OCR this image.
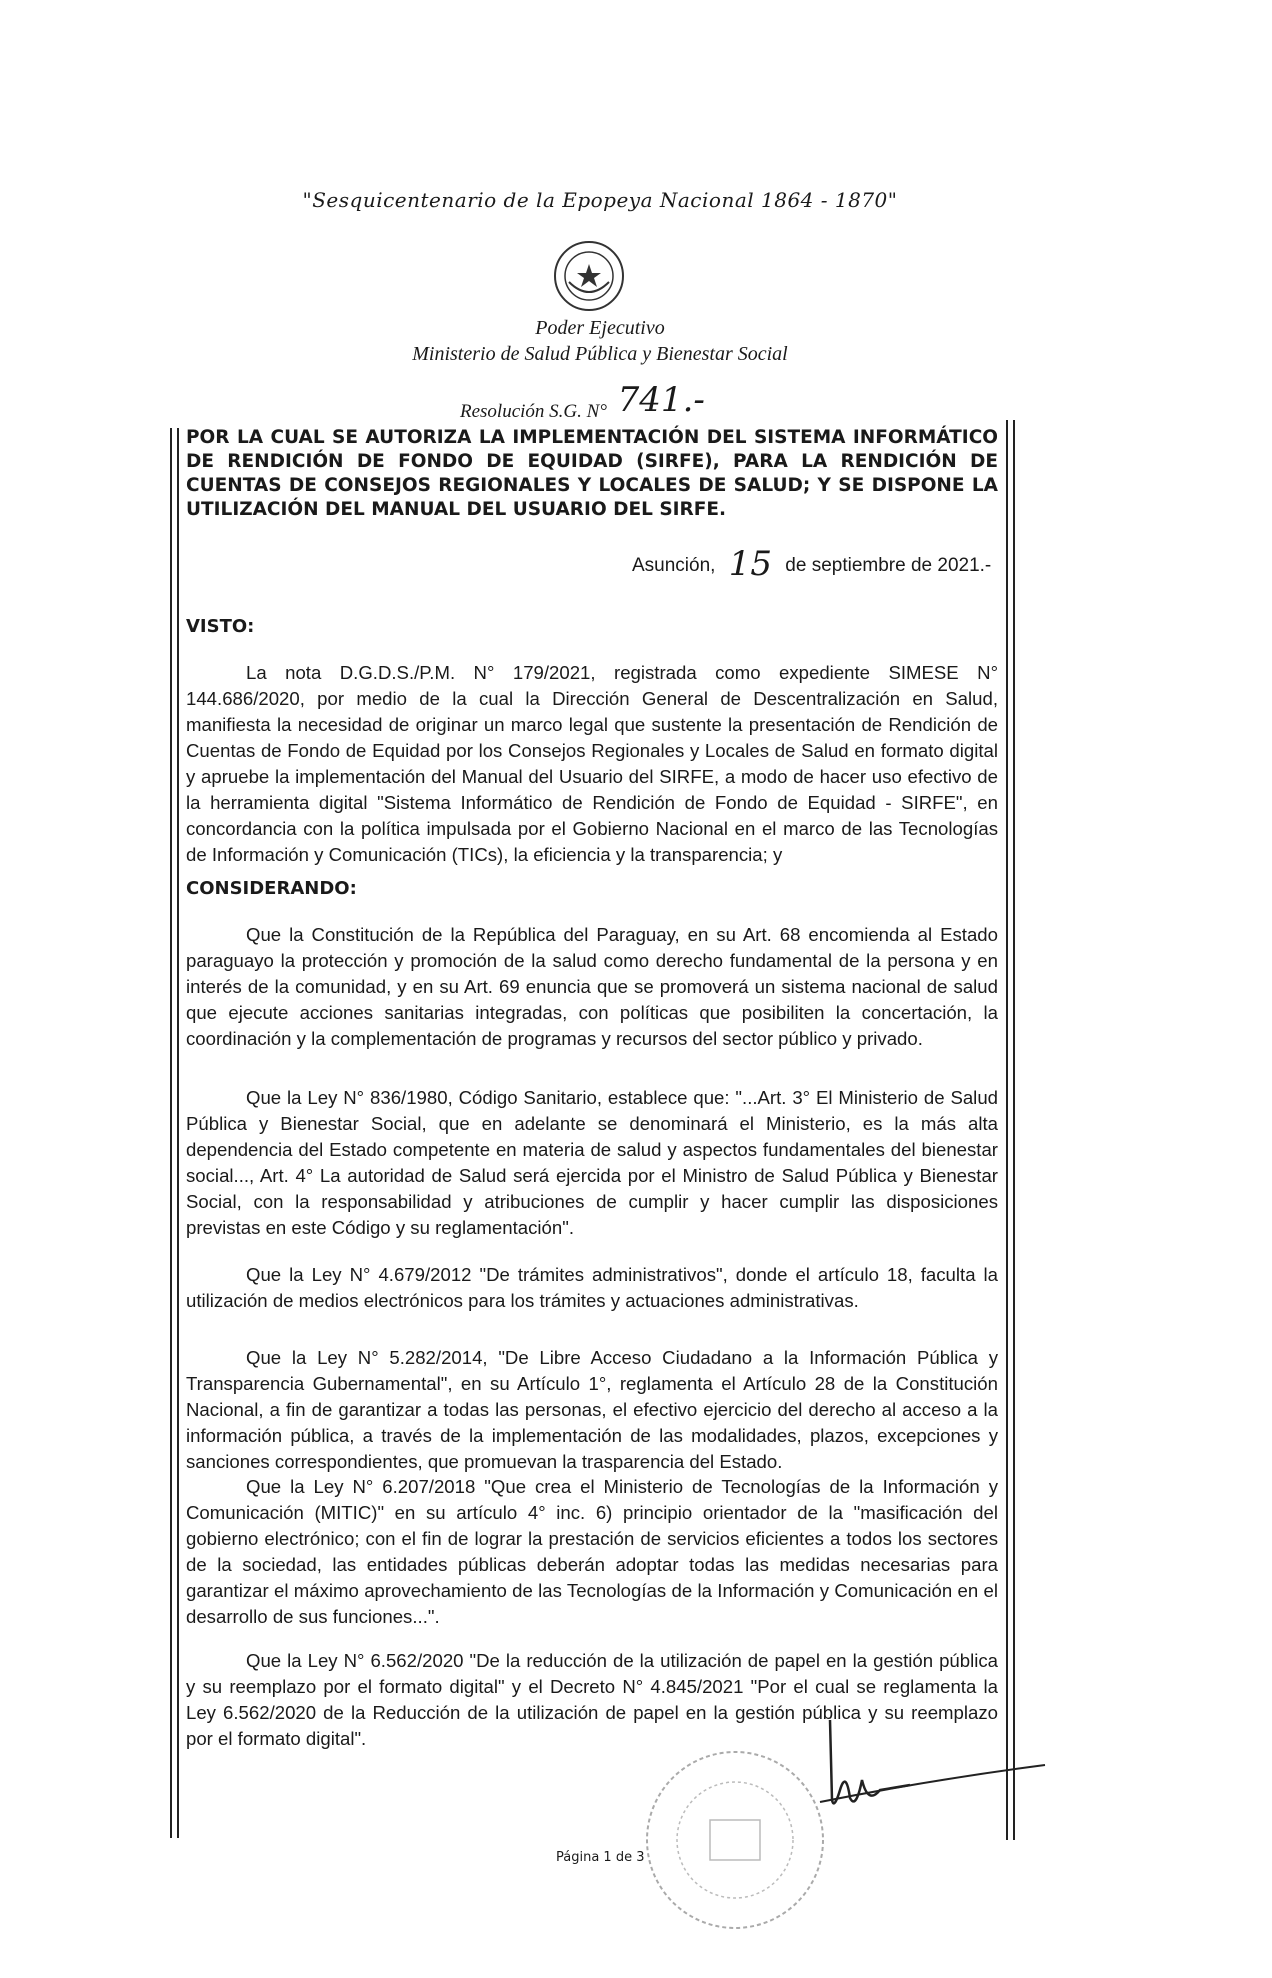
"Sesquicentenario de la Epopeya Nacional 1864 - 1870"
Poder Ejecutivo
Ministerio de Salud Pública y Bienestar Social
Resolución S.G. N° 741.-
POR LA CUAL SE AUTORIZA LA IMPLEMENTACIÓN DEL SISTEMA INFORMÁTICO DE RENDICIÓN DE FONDO DE EQUIDAD (SIRFE), PARA LA RENDICIÓN DE CUENTAS DE CONSEJOS REGIONALES Y LOCALES DE SALUD; Y SE DISPONE LA UTILIZACIÓN DEL MANUAL DEL USUARIO DEL SIRFE.
Asunción, 15 de septiembre de 2021.-
VISTO:
La nota D.G.D.S./P.M. N° 179/2021, registrada como expediente SIMESE N° 144.686/2020, por medio de la cual la Dirección General de Descentralización en Salud, manifiesta la necesidad de originar un marco legal que sustente la presentación de Rendición de Cuentas de Fondo de Equidad por los Consejos Regionales y Locales de Salud en formato digital y apruebe la implementación del Manual del Usuario del SIRFE, a modo de hacer uso efectivo de la herramienta digital "Sistema Informático de Rendición de Fondo de Equidad - SIRFE", en concordancia con la política impulsada por el Gobierno Nacional en el marco de las Tecnologías de Información y Comunicación (TICs), la eficiencia y la transparencia; y
CONSIDERANDO:
Que la Constitución de la República del Paraguay, en su Art. 68 encomienda al Estado paraguayo la protección y promoción de la salud como derecho fundamental de la persona y en interés de la comunidad, y en su Art. 69 enuncia que se promoverá un sistema nacional de salud que ejecute acciones sanitarias integradas, con políticas que posibiliten la concertación, la coordinación y la complementación de programas y recursos del sector público y privado.
Que la Ley N° 836/1980, Código Sanitario, establece que: "...Art. 3° El Ministerio de Salud Pública y Bienestar Social, que en adelante se denominará el Ministerio, es la más alta dependencia del Estado competente en materia de salud y aspectos fundamentales del bienestar social..., Art. 4° La autoridad de Salud será ejercida por el Ministro de Salud Pública y Bienestar Social, con la responsabilidad y atribuciones de cumplir y hacer cumplir las disposiciones previstas en este Código y su reglamentación".
Que la Ley N° 4.679/2012 "De trámites administrativos", donde el artículo 18, faculta la utilización de medios electrónicos para los trámites y actuaciones administrativas.
Que la Ley N° 5.282/2014, "De Libre Acceso Ciudadano a la Información Pública y Transparencia Gubernamental", en su Artículo 1°, reglamenta el Artículo 28 de la Constitución Nacional, a fin de garantizar a todas las personas, el efectivo ejercicio del derecho al acceso a la información pública, a través de la implementación de las modalidades, plazos, excepciones y sanciones correspondientes, que promuevan la trasparencia del Estado.
Que la Ley N° 6.207/2018 "Que crea el Ministerio de Tecnologías de la Información y Comunicación (MITIC)" en su artículo 4° inc. 6) principio orientador de la "masificación del gobierno electrónico; con el fin de lograr la prestación de servicios eficientes a todos los sectores de la sociedad, las entidades públicas deberán adoptar todas las medidas necesarias para garantizar el máximo aprovechamiento de las Tecnologías de la Información y Comunicación en el desarrollo de sus funciones...".
Que la Ley N° 6.562/2020 "De la reducción de la utilización de papel en la gestión pública y su reemplazo por el formato digital" y el Decreto N° 4.845/2021 "Por el cual se reglamenta la Ley 6.562/2020 de la Reducción de la utilización de papel en la gestión pública y su reemplazo por el formato digital".
Página 1 de 3
